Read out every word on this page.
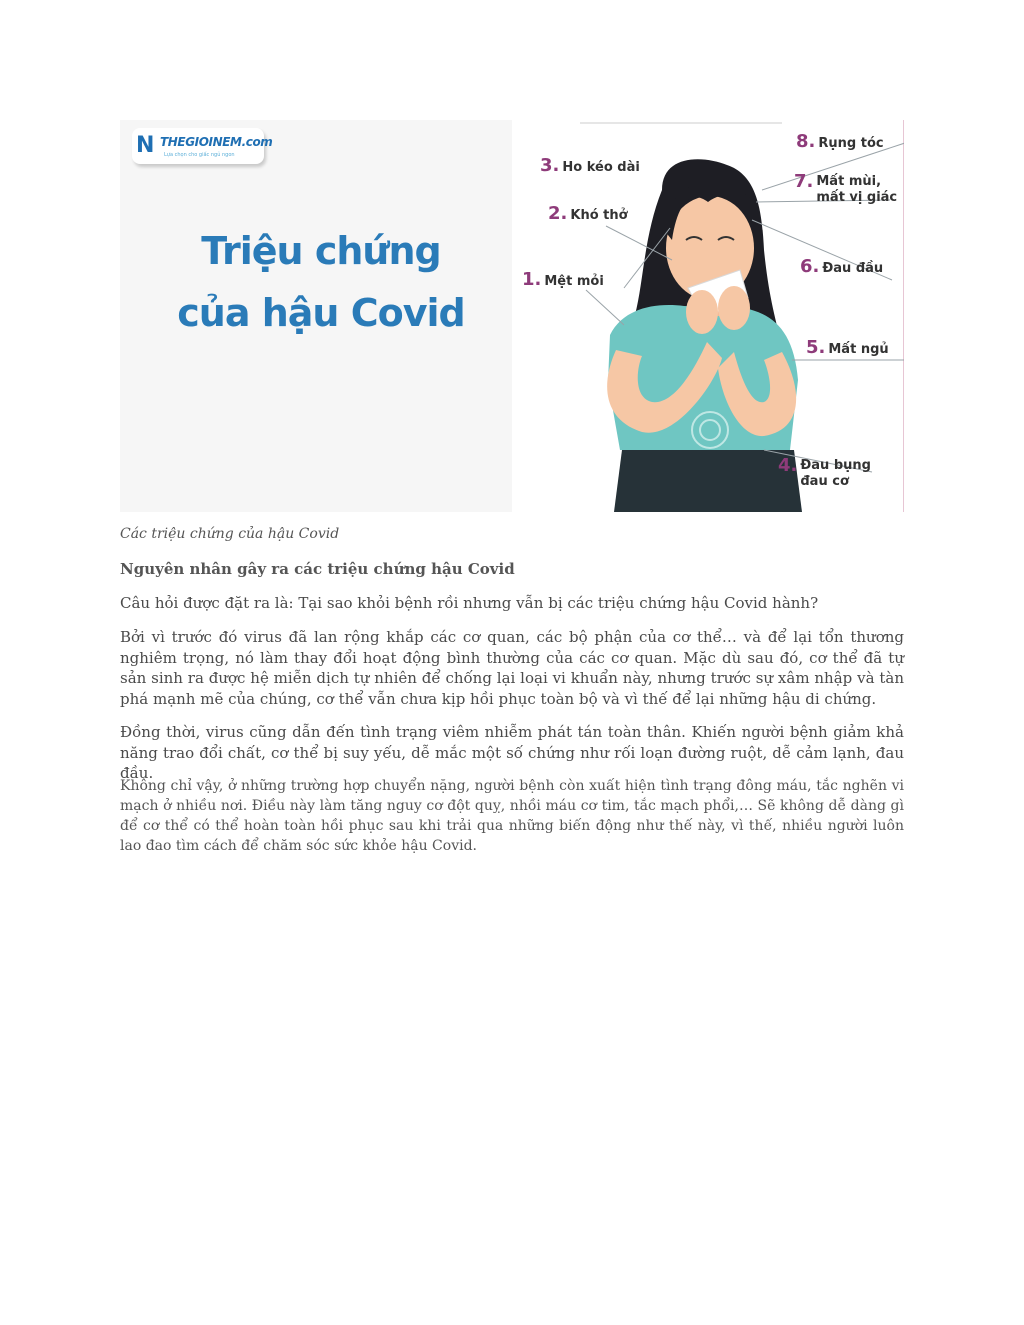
N THEGIOINEM.com
Lựa chọn cho giấc ngủ ngon
Triệu chứng
của hậu Covid
1. Mệt mỏi
2. Khó thở
3. Ho kéo dài
4. Đau bụng
đau cơ
5. Mất ngủ
6. Đau đầu
7. Mất mùi,
mất vị giác
8. Rụng tóc
Các triệu chứng của hậu Covid
Nguyên nhân gây ra các triệu chứng hậu Covid
Câu hỏi được đặt ra là: Tại sao khỏi bệnh rồi nhưng vẫn bị các triệu chứng hậu Covid hành?
Bởi vì trước đó virus đã lan rộng khắp các cơ quan, các bộ phận của cơ thể… và để lại tổn thương nghiêm trọng, nó làm thay đổi hoạt động bình thường của các cơ quan. Mặc dù sau đó, cơ thể đã tự sản sinh ra được hệ miễn dịch tự nhiên để chống lại loại vi khuẩn này, nhưng trước sự xâm nhập và tàn phá mạnh mẽ của chúng, cơ thể vẫn chưa kịp hồi phục toàn bộ và vì thế để lại những hậu di chứng.
Đồng thời, virus cũng dẫn đến tình trạng viêm nhiễm phát tán toàn thân. Khiến người bệnh giảm khả năng trao đổi chất, cơ thể bị suy yếu, dễ mắc một số chứng như rối loạn đường ruột, dễ cảm lạnh, đau đầu.
Không chỉ vậy, ở những trường hợp chuyển nặng, người bệnh còn xuất hiện tình trạng đông máu, tắc nghẽn vi mạch ở nhiều nơi. Điều này làm tăng nguy cơ đột quỵ, nhồi máu cơ tim, tắc mạch phổi,… Sẽ không dễ dàng gì để cơ thể có thể hoàn toàn hồi phục sau khi trải qua những biến động như thế này, vì thế, nhiều người luôn lao đao tìm cách để chăm sóc sức khỏe hậu Covid.
